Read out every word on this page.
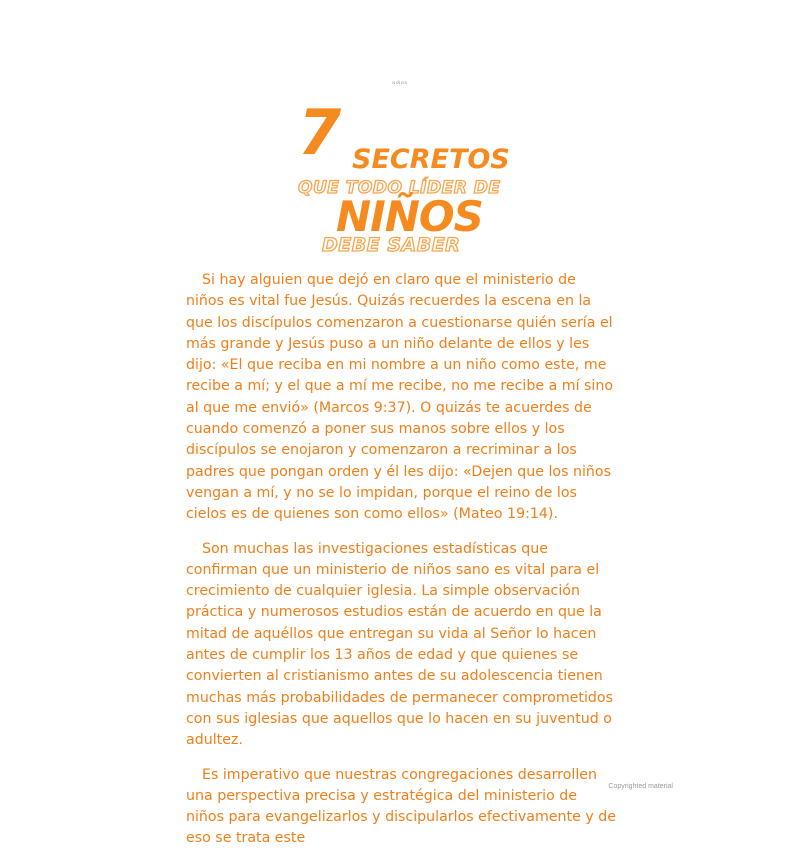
NIÑOS
7 SECRETOS
QUE TODO LÍDER DE
NIÑOS
DEBE SABER

Si hay alguien que dejó en claro que el ministerio de niños es vital fue Jesús. Quizás recuerdes la escena en la que los discípulos comenzaron a cuestionarse quién sería el más grande y Jesús puso a un niño delante de ellos y les dijo: «El que reciba en mi nombre a un niño como este, me recibe a mí; y el que a mí me recibe, no me recibe a mí sino al que me envió» (Marcos 9:37). O quizás te acuerdes de cuando comenzó a poner sus manos sobre ellos y los discípulos se enojaron y comenzaron a recriminar a los padres que pongan orden y él les dijo: «Dejen que los niños vengan a mí, y no se lo impidan, porque el reino de los cielos es de quienes son como ellos» (Mateo 19:14).

Son muchas las investigaciones estadísticas que confirman que un ministerio de niños sano es vital para el crecimiento de cualquier iglesia. La simple observación práctica y numerosos estudios están de acuerdo en que la mitad de aquéllos que entregan su vida al Señor lo hacen antes de cumplir los 13 años de edad y que quienes se convierten al cristianismo antes de su adolescencia tienen muchas más probabilidades de permanecer comprometidos con sus iglesias que aquellos que lo hacen en su juventud o adultez.

Es imperativo que nuestras congregaciones desarrollen una perspectiva precisa y estratégica del ministerio de niños para evangelizarlos y discipularlos efectivamente y de eso se trata este

Copyrighted material
